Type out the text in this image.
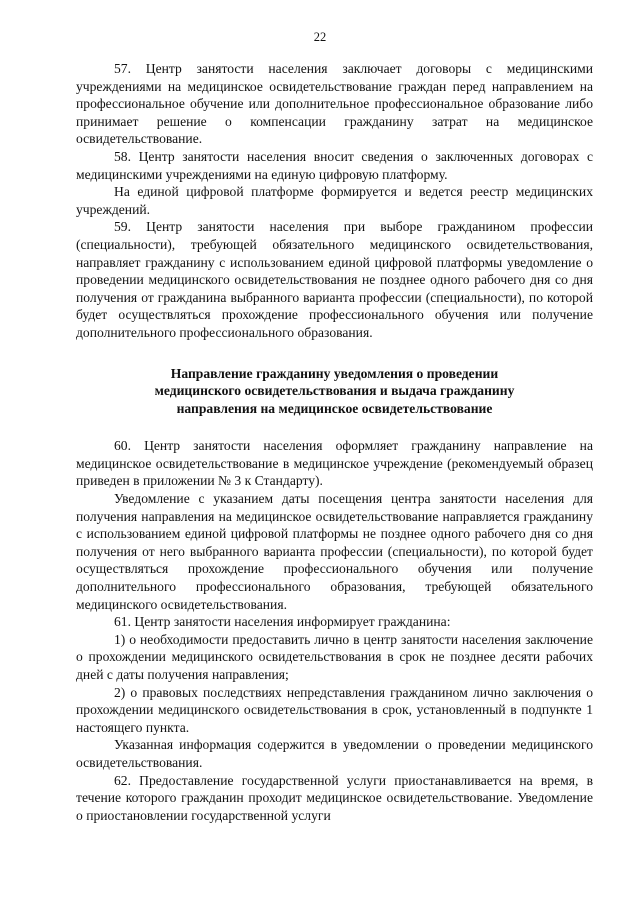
22

57. Центр занятости населения заключает договоры с медицинскими учреждениями на медицинское освидетельствование граждан перед направлением на профессиональное обучение или дополнительное профессиональное образование либо принимает решение о компенсации гражданину затрат на медицинское освидетельствование.

58. Центр занятости населения вносит сведения о заключенных договорах с медицинскими учреждениями на единую цифровую платформу.

На единой цифровой платформе формируется и ведется реестр медицинских учреждений.

59. Центр занятости населения при выборе гражданином профессии (специальности), требующей обязательного медицинского освидетельствования, направляет гражданину с использованием единой цифровой платформы уведомление о проведении медицинского освидетельствования не позднее одного рабочего дня со дня получения от гражданина выбранного варианта профессии (специальности), по которой будет осуществляться прохождение профессионального обучения или получение дополнительного профессионального образования.

Направление гражданину уведомления о проведении
медицинского освидетельствования и выдача гражданину
направления на медицинское освидетельствование

60. Центр занятости населения оформляет гражданину направление на медицинское освидетельствование в медицинское учреждение (рекомендуемый образец приведен в приложении № 3 к Стандарту).

Уведомление с указанием даты посещения центра занятости населения для получения направления на медицинское освидетельствование направляется гражданину с использованием единой цифровой платформы не позднее одного рабочего дня со дня получения от него выбранного варианта профессии (специальности), по которой будет осуществляться прохождение профессионального обучения или получение дополнительного профессионального образования, требующей обязательного медицинского освидетельствования.

61. Центр занятости населения информирует гражданина:

1) о необходимости предоставить лично в центр занятости населения заключение о прохождении медицинского освидетельствования в срок не позднее десяти рабочих дней с даты получения направления;

2) о правовых последствиях непредставления гражданином лично заключения о прохождении медицинского освидетельствования в срок, установленный в подпункте 1 настоящего пункта.

Указанная информация содержится в уведомлении о проведении медицинского освидетельствования.

62. Предоставление государственной услуги приостанавливается на время, в течение которого гражданин проходит медицинское освидетельствование. Уведомление о приостановлении государственной услуги
